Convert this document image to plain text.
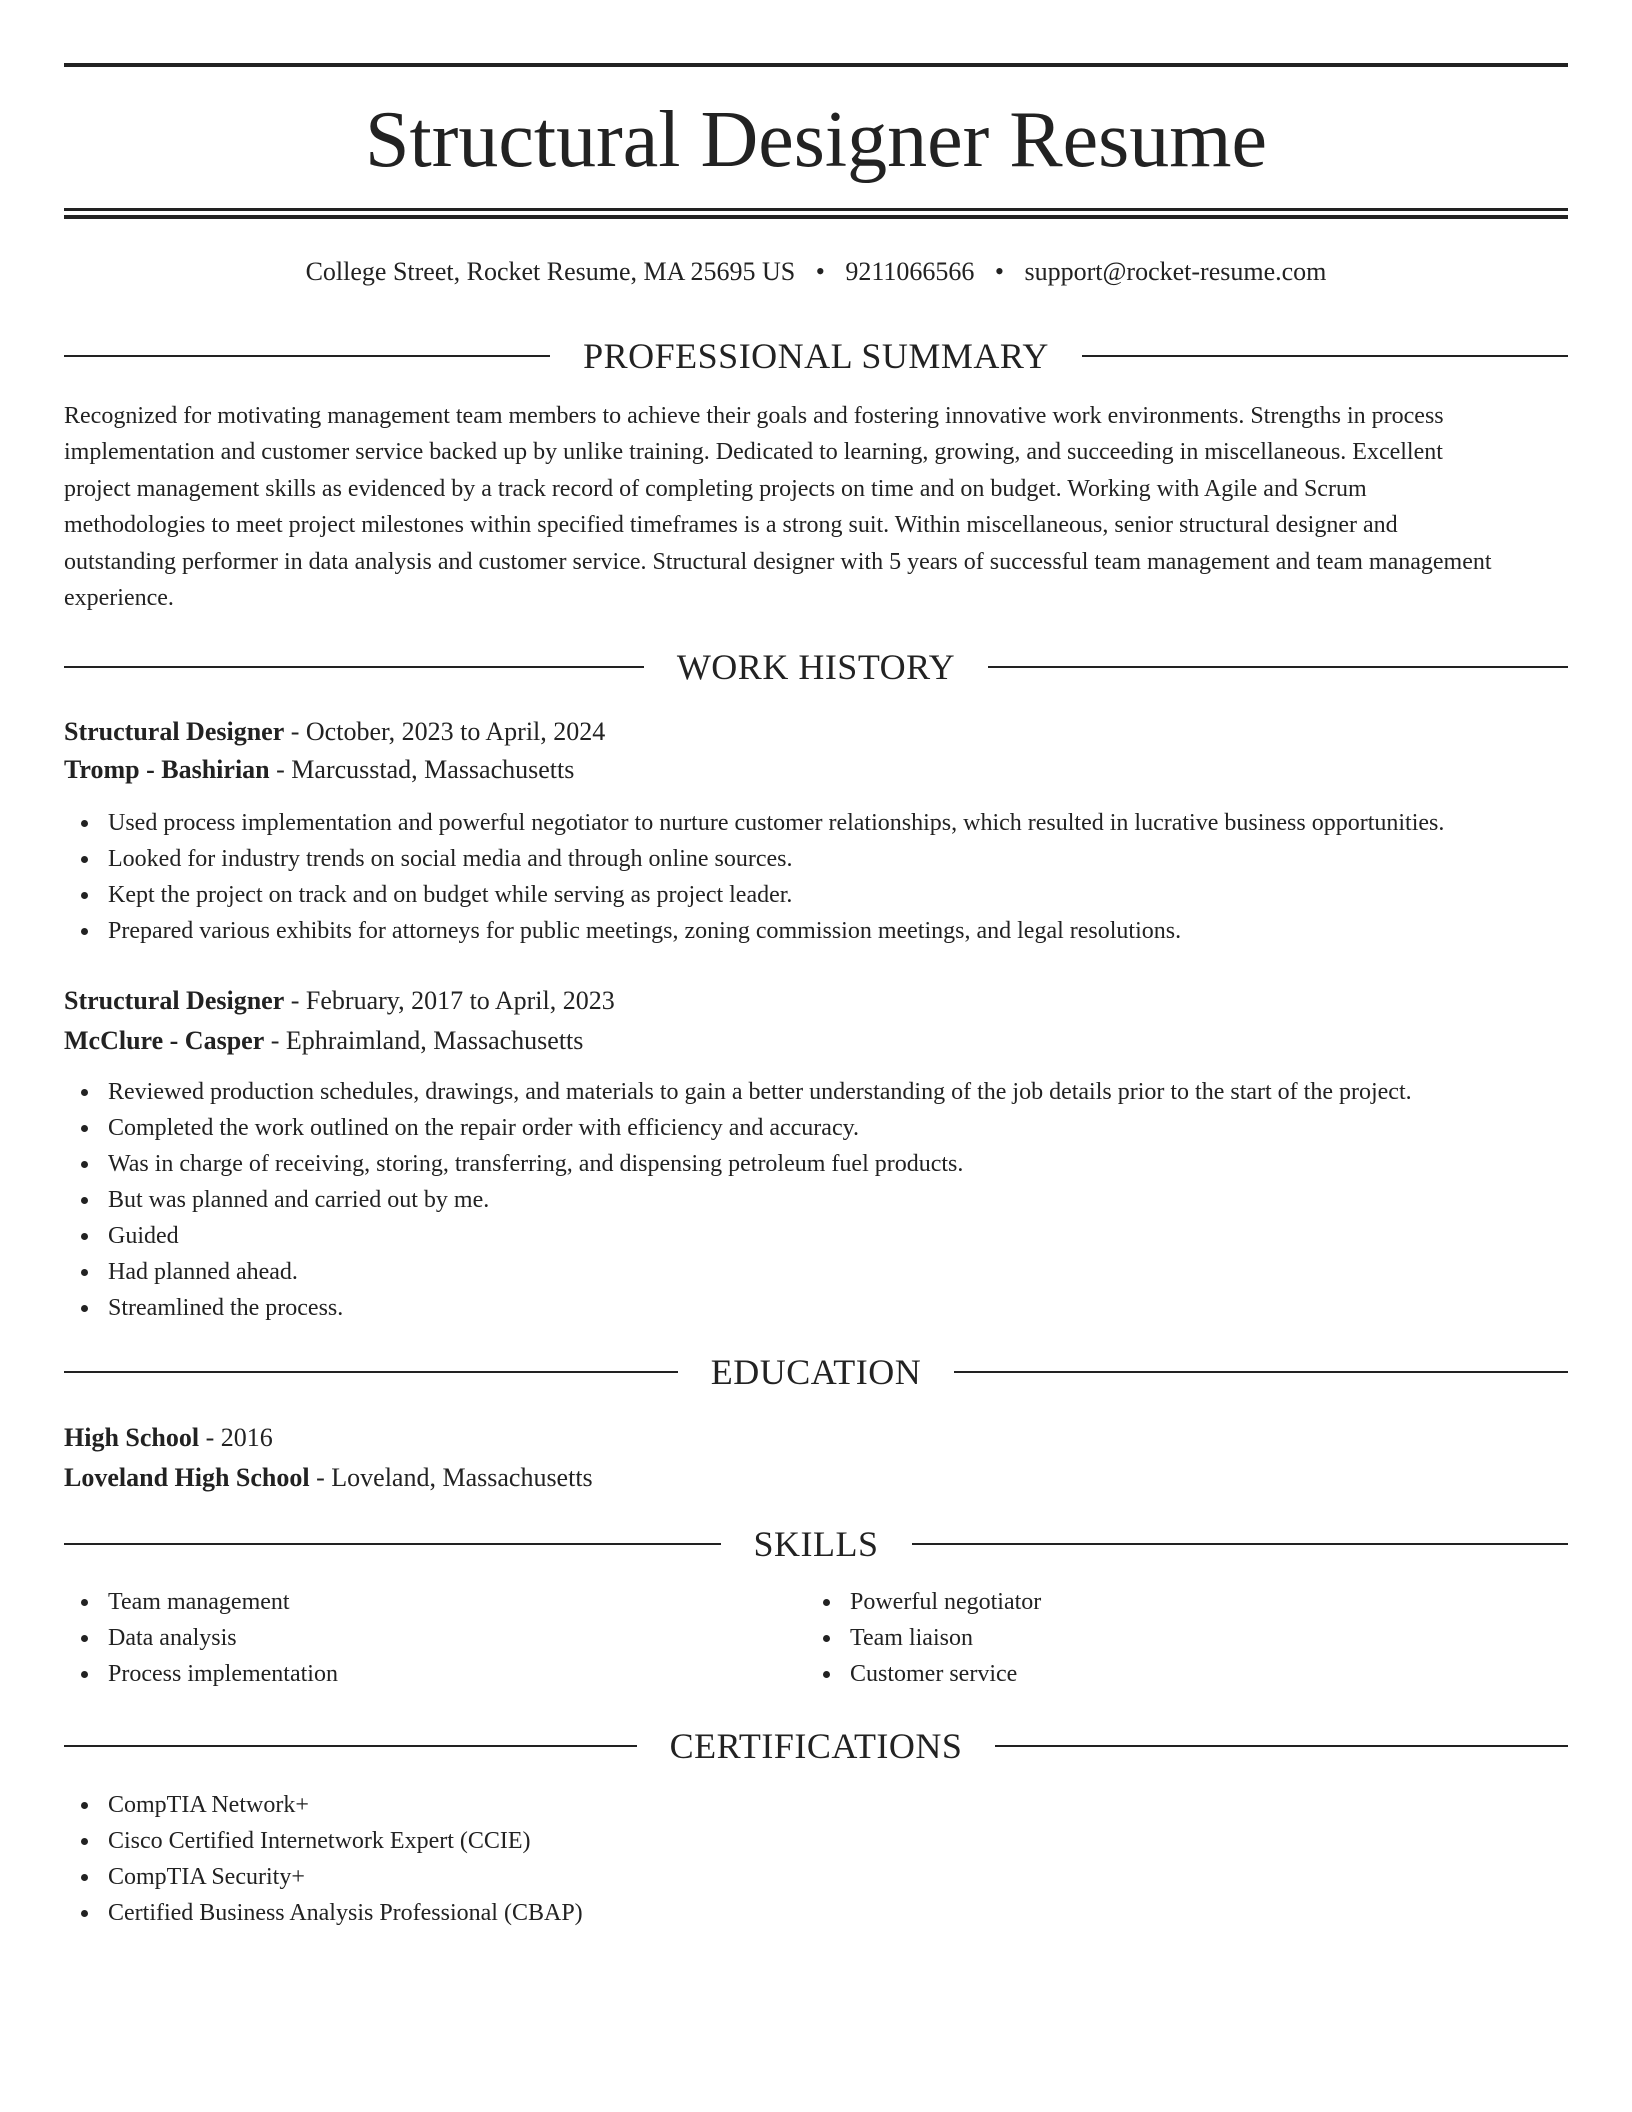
Structural Designer Resume
College Street, Rocket Resume, MA 25695 US • 9211066566 • support@rocket-resume.com
PROFESSIONAL SUMMARY
Recognized for motivating management team members to achieve their goals and fostering innovative work environments. Strengths in process
implementation and customer service backed up by unlike training. Dedicated to learning, growing, and succeeding in miscellaneous. Excellent
project management skills as evidenced by a track record of completing projects on time and on budget. Working with Agile and Scrum
methodologies to meet project milestones within specified timeframes is a strong suit. Within miscellaneous, senior structural designer and
outstanding performer in data analysis and customer service. Structural designer with 5 years of successful team management and team management
experience.
WORK HISTORY
Structural Designer - October, 2023 to April, 2024
Tromp - Bashirian - Marcusstad, Massachusetts
Used process implementation and powerful negotiator to nurture customer relationships, which resulted in lucrative business opportunities.
Looked for industry trends on social media and through online sources.
Kept the project on track and on budget while serving as project leader.
Prepared various exhibits for attorneys for public meetings, zoning commission meetings, and legal resolutions.
Structural Designer - February, 2017 to April, 2023
McClure - Casper - Ephraimland, Massachusetts
Reviewed production schedules, drawings, and materials to gain a better understanding of the job details prior to the start of the project.
Completed the work outlined on the repair order with efficiency and accuracy.
Was in charge of receiving, storing, transferring, and dispensing petroleum fuel products.
But was planned and carried out by me.
Guided
Had planned ahead.
Streamlined the process.
EDUCATION
High School - 2016
Loveland High School - Loveland, Massachusetts
SKILLS
Team management
Data analysis
Process implementation
Powerful negotiator
Team liaison
Customer service
CERTIFICATIONS
CompTIA Network+
Cisco Certified Internetwork Expert (CCIE)
CompTIA Security+
Certified Business Analysis Professional (CBAP)
